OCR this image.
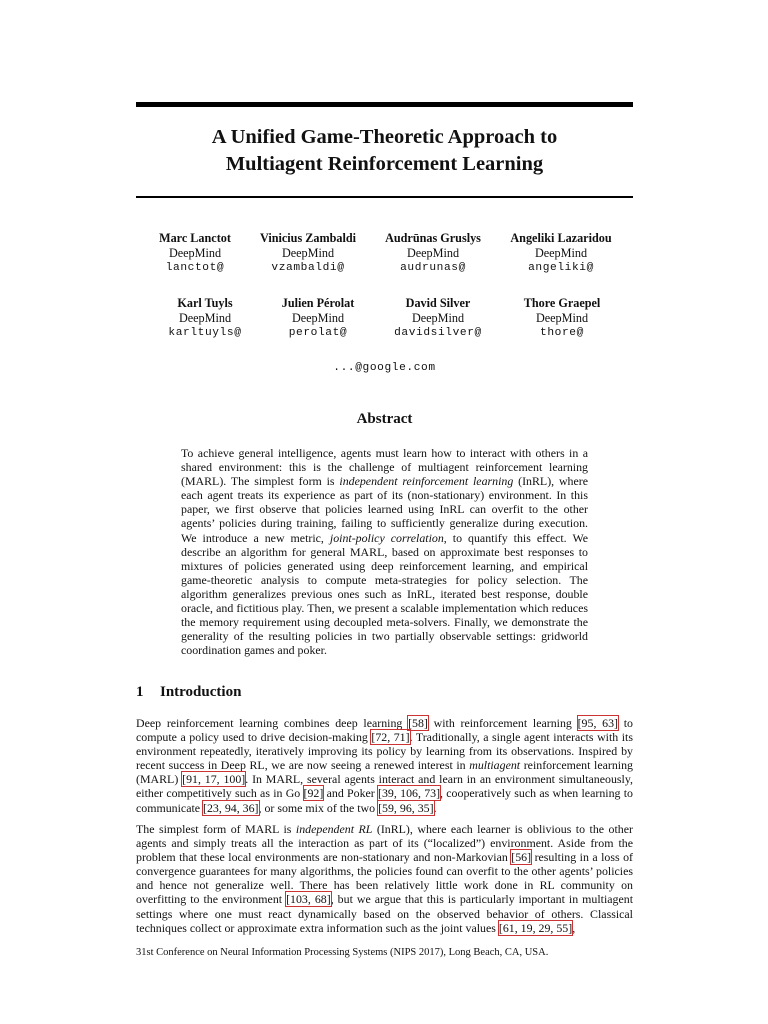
A Unified Game-Theoretic Approach to
Multiagent Reinforcement Learning
Marc Lanctot
DeepMind
lanctot@
Vinicius Zambaldi
DeepMind
vzambaldi@
Audrūnas Gruslys
DeepMind
audrunas@
Angeliki Lazaridou
DeepMind
angeliki@
Karl Tuyls
DeepMind
karltuyls@
Julien Pérolat
DeepMind
perolat@
David Silver
DeepMind
davidsilver@
Thore Graepel
DeepMind
thore@
...@google.com
Abstract
To achieve general intelligence, agents must learn how to interact with others in a shared environment: this is the challenge of multiagent reinforcement learning (MARL). The simplest form is independent reinforcement learning (InRL), where each agent treats its experience as part of its (non-stationary) environment. In this paper, we first observe that policies learned using InRL can overfit to the other agents’ policies during training, failing to sufficiently generalize during execution. We introduce a new metric, joint-policy correlation, to quantify this effect. We describe an algorithm for general MARL, based on approximate best responses to mixtures of policies generated using deep reinforcement learning, and empirical game-theoretic analysis to compute meta-strategies for policy selection. The algorithm generalizes previous ones such as InRL, iterated best response, double oracle, and fictitious play. Then, we present a scalable implementation which reduces the memory requirement using decoupled meta-solvers. Finally, we demonstrate the generality of the resulting policies in two partially observable settings: gridworld coordination games and poker.
1 Introduction
Deep reinforcement learning combines deep learning [58] with reinforcement learning [95, 63] to compute a policy used to drive decision-making [72, 71]. Traditionally, a single agent interacts with its environment repeatedly, iteratively improving its policy by learning from its observations. Inspired by recent success in Deep RL, we are now seeing a renewed interest in multiagent reinforcement learning (MARL) [91, 17, 100]. In MARL, several agents interact and learn in an environment simultaneously, either competitively such as in Go [92] and Poker [39, 106, 73], cooperatively such as when learning to communicate [23, 94, 36], or some mix of the two [59, 96, 35].
The simplest form of MARL is independent RL (InRL), where each learner is oblivious to the other agents and simply treats all the interaction as part of its (“localized”) environment. Aside from the problem that these local environments are non-stationary and non-Markovian [56] resulting in a loss of convergence guarantees for many algorithms, the policies found can overfit to the other agents’ policies and hence not generalize well. There has been relatively little work done in RL community on overfitting to the environment [103, 68], but we argue that this is particularly important in multiagent settings where one must react dynamically based on the observed behavior of others. Classical techniques collect or approximate extra information such as the joint values [61, 19, 29, 55],
31st Conference on Neural Information Processing Systems (NIPS 2017), Long Beach, CA, USA.
